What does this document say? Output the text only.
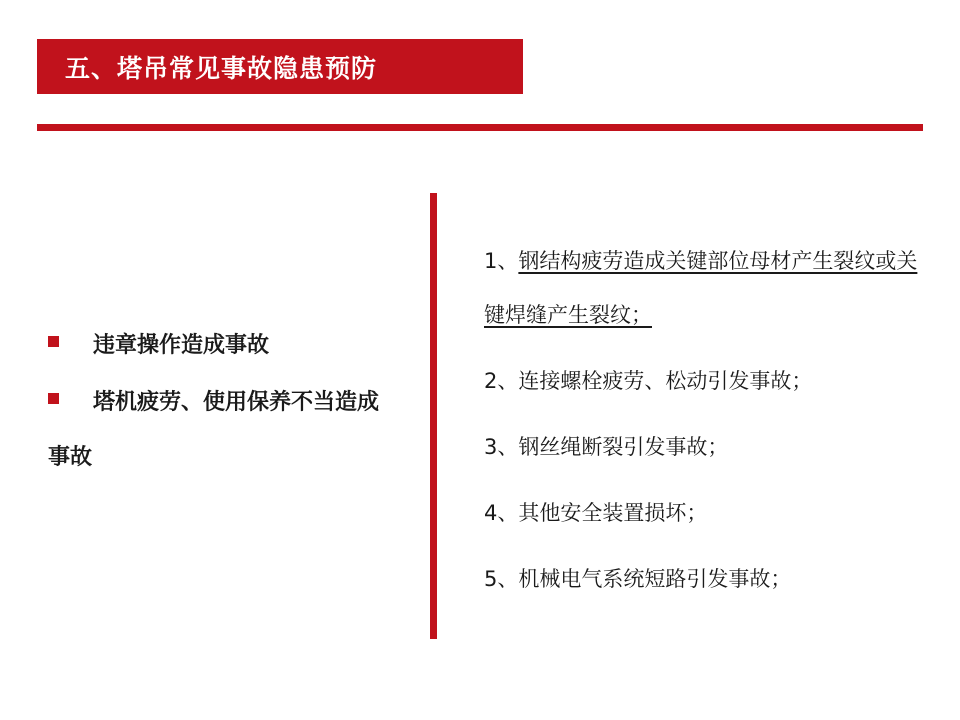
五、塔吊常见事故隐患预防

违章操作造成事故

塔机疲劳、使用保养不当造成事故

1、钢结构疲劳造成关键部位母材产生裂纹或关键焊缝产生裂纹；

2、连接螺栓疲劳、松动引发事故；

3、钢丝绳断裂引发事故；

4、其他安全装置损坏；

5、机械电气系统短路引发事故；
